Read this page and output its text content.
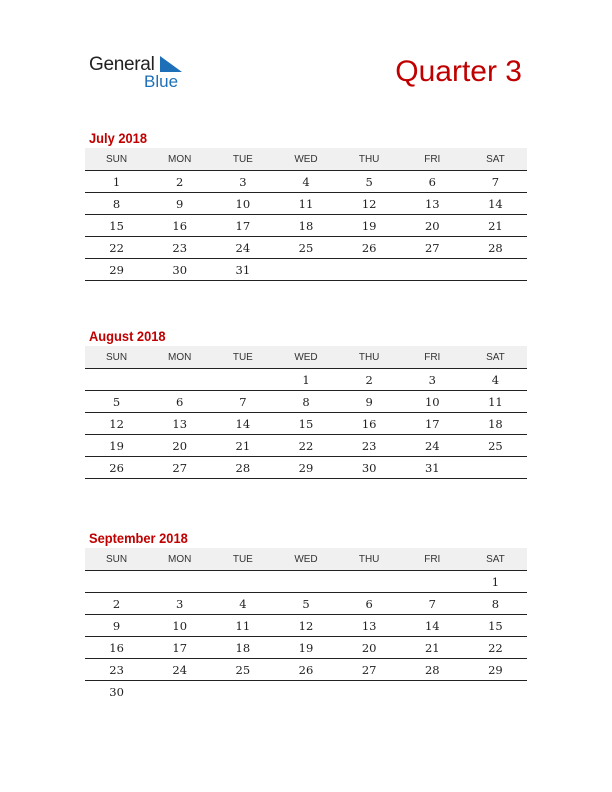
General
Blue	Quarter 3
July 2018
SUN	MON	TUE	WED	THU	FRI	SAT
1	2	3	4	5	6	7
8	9	10	11	12	13	14
15	16	17	18	19	20	21
22	23	24	25	26	27	28
29	30	31				
August 2018
SUN	MON	TUE	WED	THU	FRI	SAT
			1	2	3	4
5	6	7	8	9	10	11
12	13	14	15	16	17	18
19	20	21	22	23	24	25
26	27	28	29	30	31	
September 2018
SUN	MON	TUE	WED	THU	FRI	SAT
						1
2	3	4	5	6	7	8
9	10	11	12	13	14	15
16	17	18	19	20	21	22
23	24	25	26	27	28	29
30						
